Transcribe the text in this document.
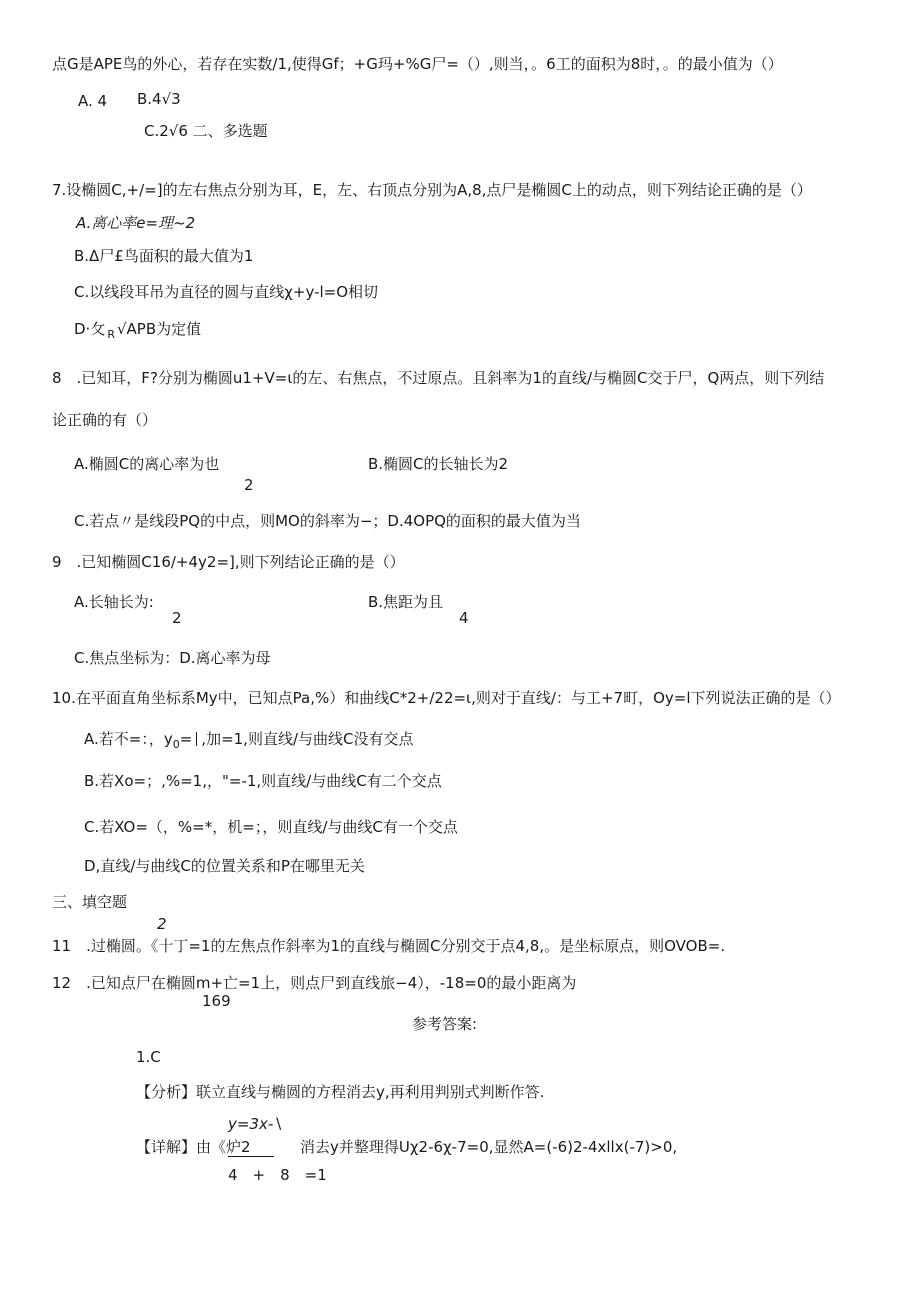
点G是APE鸟的外心，若存在实数/1,使得Gf；+G玛+%G尸=（）,则当，。6工的面积为8时，。的最小值为（）
A. 4 B.4√3
C.2√6 二、多选题
7.设椭圆C,+/=]的左右焦点分别为耳，E，左、右顶点分别为A,8,点尸是椭圆C上的动点，则下列结论正确的是（）
A.离心率e=理~2
B.Δ尸£鸟面积的最大值为1
C.以线段耳吊为直径的圆与直线χ+y-l=O相切
D·攵 $_R$ √APB为定值
8　.已知耳，F?分别为椭圆u1+V=ι的左、右焦点，不过原点。且斜率为1的直线/与椭圆C交于尸，Q两点，则下列结
论正确的有（）
A.椭圆C的离心率为也
2
B.椭圆C的长轴长为2
C.若点〃是线段PQ的中点，则MO的斜率为−；D.4OPQ的面积的最大值为当
9　.已知椭圆C16∕+4y2=],则下列结论正确的是（）
A.长轴长为:
2
B.焦距为且
4
C.焦点坐标为：D.离心率为母
10.在平面直角坐标系My中，已知点Pa,%）和曲线C*2+∕22=ι,则对于直线/：与工+7町，Oy=l下列说法正确的是（）
A.若不=：，$y_0=$ ,加=1,则直线/与曲线C没有交点
B.若Xo=；,%=1,，"=-1,则直线/与曲线C有二个交点
C.若XO=（，%=*，机=；，则直线/与曲线C有一个交点
D,直线/与曲线C的位置关系和P在哪里无关
三、填空题
2
11　.过椭圆。《十丁=1的左焦点作斜率为1的直线与椭圆C分别交于点4,8,。是坐标原点，则OVOB=.
12　.已知点尸在椭圆m+亡=1上，则点尸到直线旅−4），-18=0的最小距离为
169
参考答案:
1.C
【分析】联立直线与椭圆的方程消去y,再利用判别式判断作答.
y=3x-∖
【详解】由《炉2
4　+　8　=1
消去y并整理得Uχ2-6χ-7=0,显然A=(-6)2-4xllx(-7)>0,
